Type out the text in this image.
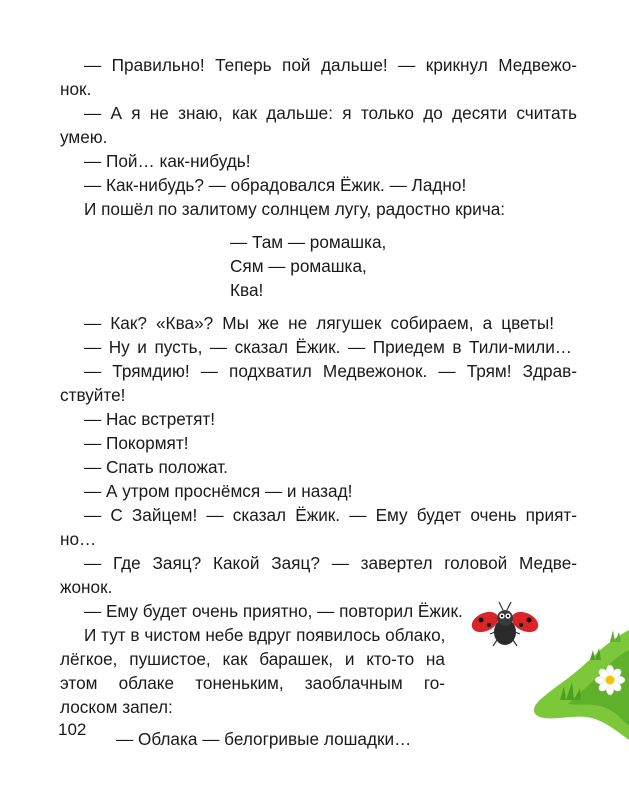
— Правильно! Теперь пой дальше! — крикнул Медвежо-
нок.
— А я не знаю, как дальше: я только до десяти считать
умею.
— Пой… как-нибудь!
— Как-нибудь? — обрадовался Ёжик. — Ладно!
И пошёл по залитому солнцем лугу, радостно крича:
— Там — ромашка,
Сям — ромашка,
Ква!
— Как? «Ква»? Мы же не лягушек собираем, а цветы!
— Ну и пусть, — сказал Ёжик. — Приедем в Тили-мили…
— Трямдию! — подхватил Медвежонок. — Трям! Здрав-
ствуйте!
— Нас встретят!
— Покормят!
— Спать положат.
— А утром проснёмся — и назад!
— С Зайцем! — сказал Ёжик. — Ему будет очень прият-
но…
— Где Заяц? Какой Заяц? — завертел головой Медве-
жонок.
— Ему будет очень приятно, — повторил Ёжик.
И тут в чистом небе вдруг появилось облако,
лёгкое, пушистое, как барашек, и кто-то на
этом облаке тоненьким, заоблачным го-
лоском запел:
— Облака — белогривые лошадки…
102
